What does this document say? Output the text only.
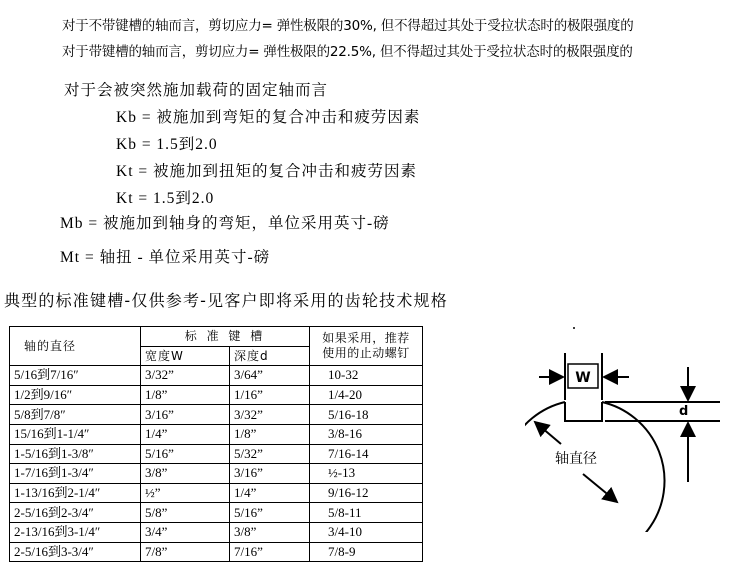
对于不带键槽的轴而言，剪切应力= 弹性极限的30%, 但不得超过其处于受拉状态时的极限强度的
对于带键槽的轴而言，剪切应力= 弹性极限的22.5%, 但不得超过其处于受拉状态时的极限强度的
对于会被突然施加载荷的固定轴而言
Kb = 被施加到弯矩的复合冲击和疲劳因素
Kb = 1.5到2.0
Kt = 被施加到扭矩的复合冲击和疲劳因素
Kt = 1.5到2.0
Mb = 被施加到轴身的弯矩，单位采用英寸-磅
Mt = 轴扭 - 单位采用英寸-磅
典型的标准键槽-仅供参考-见客户即将采用的齿轮技术规格
轴的直径	标 准 键 槽		如果采用，推荐
使用的止动螺钉
	宽度W	深度d	
5/16到7/16″	3/32”	3/64”	10-32
1/2到9/16″	1/8”	1/16”	1/4-20
5/8到7/8″	3/16”	3/32”	5/16-18
15/16到1-1/4″	1/4”	1/8”	3/8-16
1-5/16到1-3/8″	5/16”	5/32”	7/16-14
1-7/16到1-3/4″	3/8”	3/16”	½-13
1-13/16到2-1/4″	½”	1/4”	9/16-12
2-5/16到2-3/4″	5/8”	5/16”	5/8-11
2-13/16到3-1/4″	3/4”	3/8”	3/4-10
2-5/16到3-3/4″	7/8”	7/16”	7/8-9
W
d
轴直径
